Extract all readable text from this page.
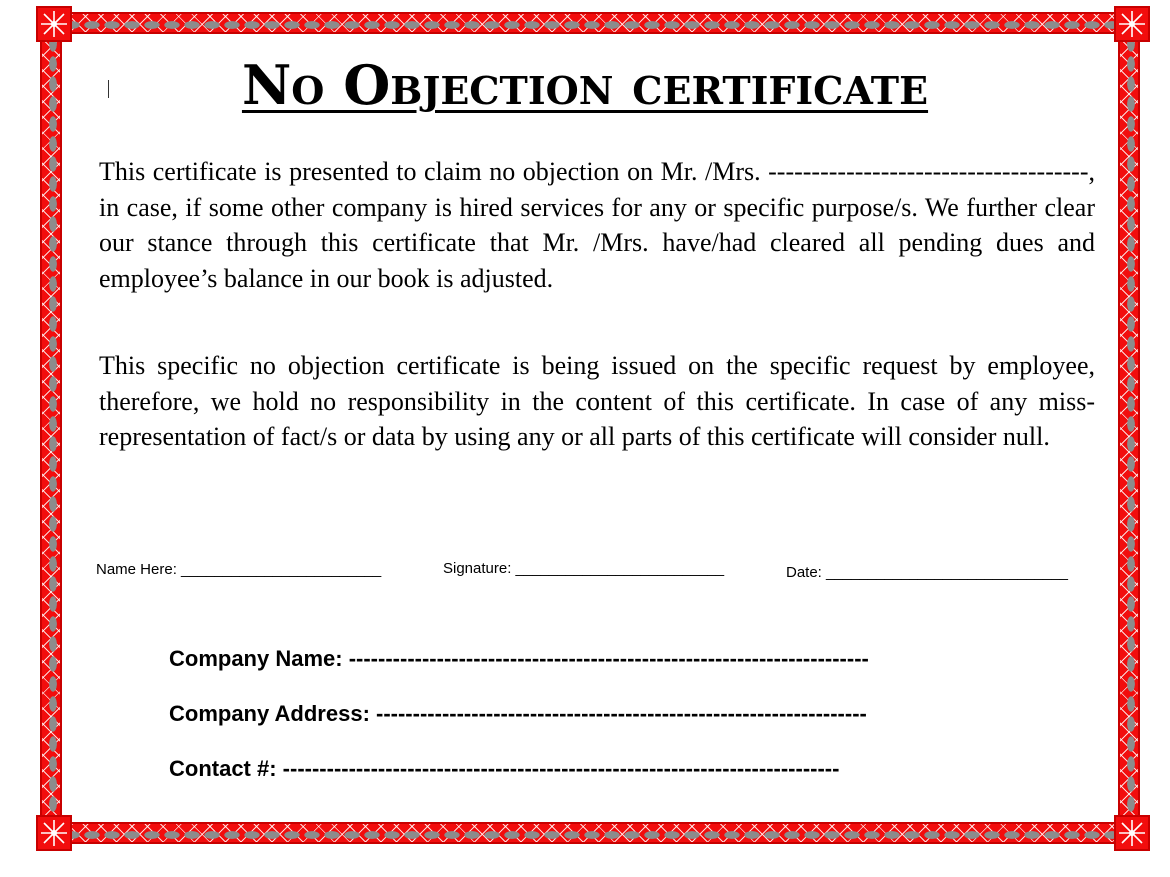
No Objection certificate

This certificate is presented to claim no objection on Mr. /Mrs. -------------------------------------, in case, if some other company is hired services for any or specific purpose/s. We further clear our stance through this certificate that Mr. /Mrs. have/had cleared all pending dues and employee’s balance in our book is adjusted.

This specific no objection certificate is being issued on the specific request by employee, therefore, we hold no responsibility in the content of this certificate. In case of any miss-representation of fact/s or data by using any or all parts of this certificate will consider null.

Name Here: ________________________	Signature: _________________________	Date: _____________________________
Company Name: -----------------------------------------------------------------------
Company Address: -------------------------------------------------------------------
Contact #: ----------------------------------------------------------------------------
